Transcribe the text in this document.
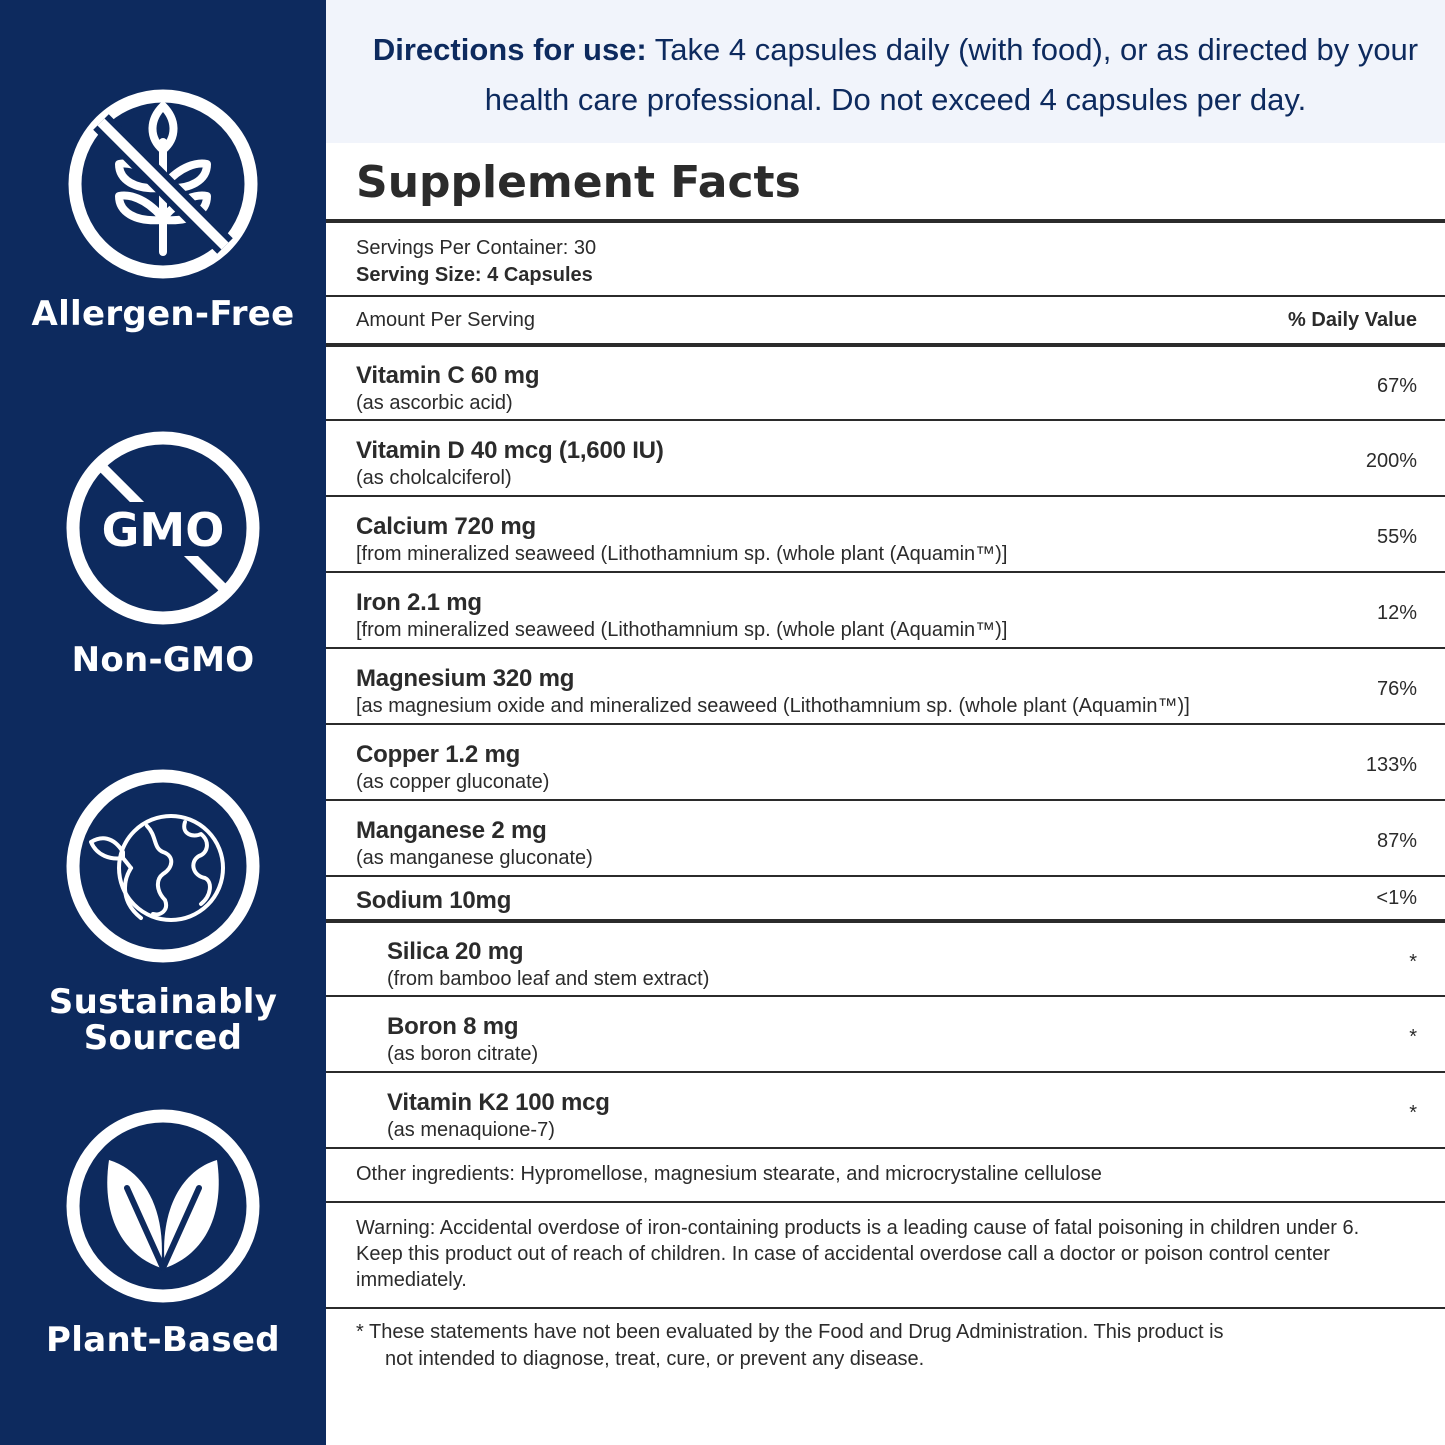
Allergen-Free
GMO
Non-GMO
Sustainably
Sourced
Plant-Based
Directions for use: Take 4 capsules daily (with food), or as directed by your health care professional. Do not exceed 4 capsules per day.
Supplement Facts
Servings Per Container: 30
Serving Size: 4 Capsules
Amount Per Serving	% Daily Value
Vitamin C 60 mg
(as ascorbic acid)
67%
Vitamin D 40 mcg (1,600 IU)
(as cholcalciferol)
200%
Calcium 720 mg
[from mineralized seaweed (Lithothamnium sp. (whole plant (Aquamin™)]
55%
Iron 2.1 mg
[from mineralized seaweed (Lithothamnium sp. (whole plant (Aquamin™)]
12%
Magnesium 320 mg
[as magnesium oxide and mineralized seaweed (Lithothamnium sp. (whole plant (Aquamin™)]
76%
Copper 1.2 mg
(as copper gluconate)
133%
Manganese 2 mg
(as manganese gluconate)
87%
Sodium 10mg	<1%
Silica 20 mg
(from bamboo leaf and stem extract)
*
Boron 8 mg
(as boron citrate)
*
Vitamin K2 100 mcg
(as menaquione-7)
*
Other ingredients: Hypromellose, magnesium stearate, and microcrystaline cellulose
Warning: Accidental overdose of iron-containing products is a leading cause of fatal poisoning in children under 6. Keep this product out of reach of children. In case of accidental overdose call a doctor or poison control center immediately.
* These statements have not been evaluated by the Food and Drug Administration. This product is
not intended to diagnose, treat, cure, or prevent any disease.
